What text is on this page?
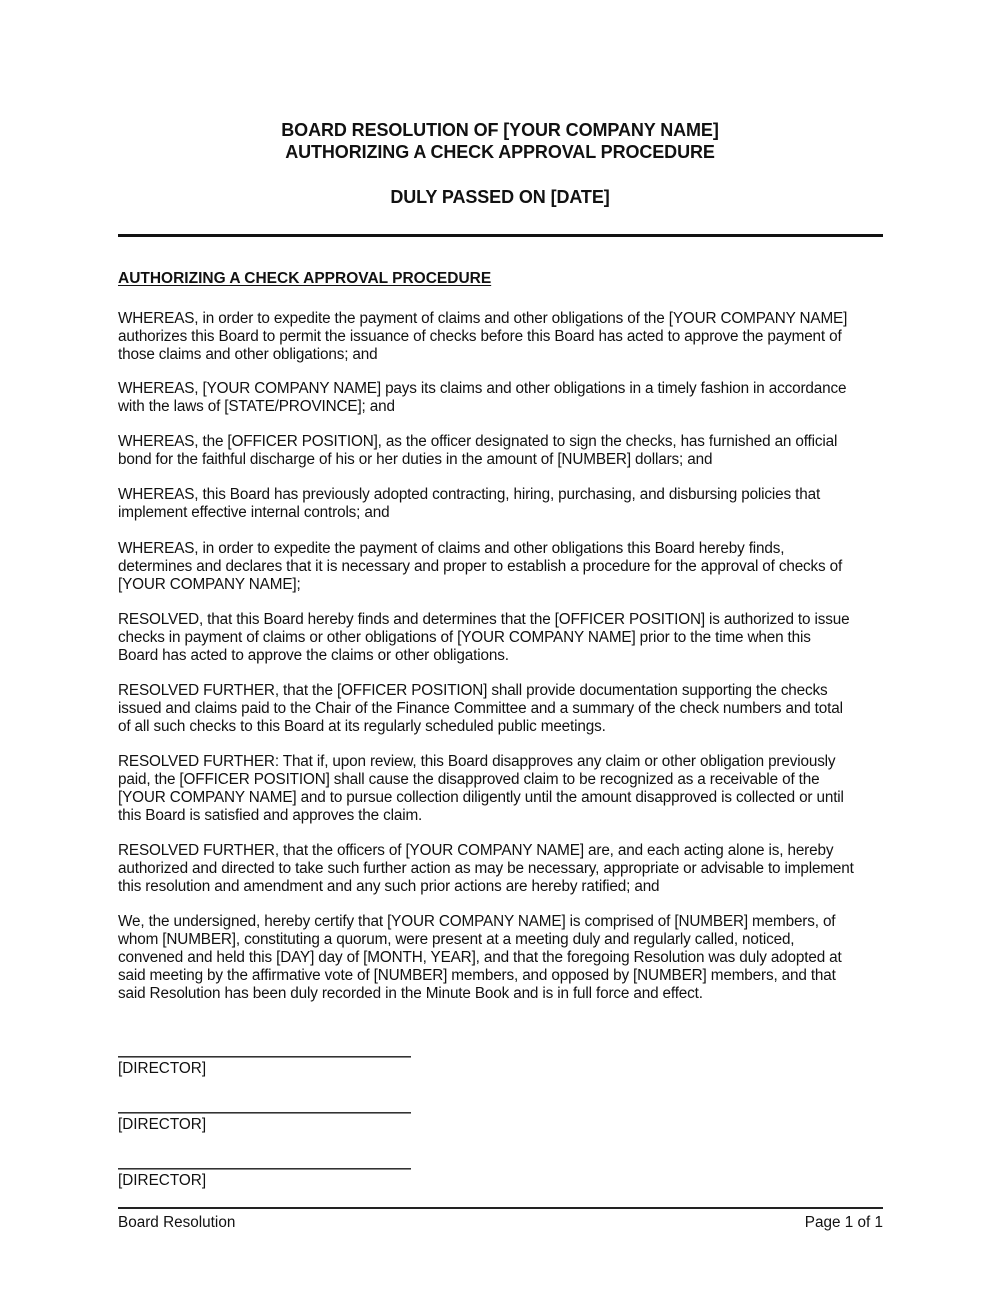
BOARD RESOLUTION OF [YOUR COMPANY NAME]
AUTHORIZING A CHECK APPROVAL PROCEDURE
DULY PASSED ON [DATE]
AUTHORIZING A CHECK APPROVAL PROCEDURE
WHEREAS, in order to expedite the payment of claims and other obligations of the [YOUR COMPANY NAME]
authorizes this Board to permit the issuance of checks before this Board has acted to approve the payment of
those claims and other obligations; and
WHEREAS, [YOUR COMPANY NAME] pays its claims and other obligations in a timely fashion in accordance
with the laws of [STATE/PROVINCE]; and
WHEREAS, the [OFFICER POSITION], as the officer designated to sign the checks, has furnished an official
bond for the faithful discharge of his or her duties in the amount of [NUMBER] dollars; and
WHEREAS, this Board has previously adopted contracting, hiring, purchasing, and disbursing policies that
implement effective internal controls; and
WHEREAS, in order to expedite the payment of claims and other obligations this Board hereby finds,
determines and declares that it is necessary and proper to establish a procedure for the approval of checks of
[YOUR COMPANY NAME];
RESOLVED, that this Board hereby finds and determines that the [OFFICER POSITION] is authorized to issue
checks in payment of claims or other obligations of [YOUR COMPANY NAME] prior to the time when this
Board has acted to approve the claims or other obligations.
RESOLVED FURTHER, that the [OFFICER POSITION] shall provide documentation supporting the checks
issued and claims paid to the Chair of the Finance Committee and a summary of the check numbers and total
of all such checks to this Board at its regularly scheduled public meetings.
RESOLVED FURTHER: That if, upon review, this Board disapproves any claim or other obligation previously
paid, the [OFFICER POSITION] shall cause the disapproved claim to be recognized as a receivable of the
[YOUR COMPANY NAME] and to pursue collection diligently until the amount disapproved is collected or until
this Board is satisfied and approves the claim.
RESOLVED FURTHER, that the officers of [YOUR COMPANY NAME] are, and each acting alone is, hereby
authorized and directed to take such further action as may be necessary, appropriate or advisable to implement
this resolution and amendment and any such prior actions are hereby ratified; and
We, the undersigned, hereby certify that [YOUR COMPANY NAME] is comprised of [NUMBER] members, of
whom [NUMBER], constituting a quorum, were present at a meeting duly and regularly called, noticed,
convened and held this [DAY] day of [MONTH, YEAR], and that the foregoing Resolution was duly adopted at
said meeting by the affirmative vote of [NUMBER] members, and opposed by [NUMBER] members, and that
said Resolution has been duly recorded in the Minute Book and is in full force and effect.
[DIRECTOR]
[DIRECTOR]
[DIRECTOR]
Board Resolution	Page 1 of 1
